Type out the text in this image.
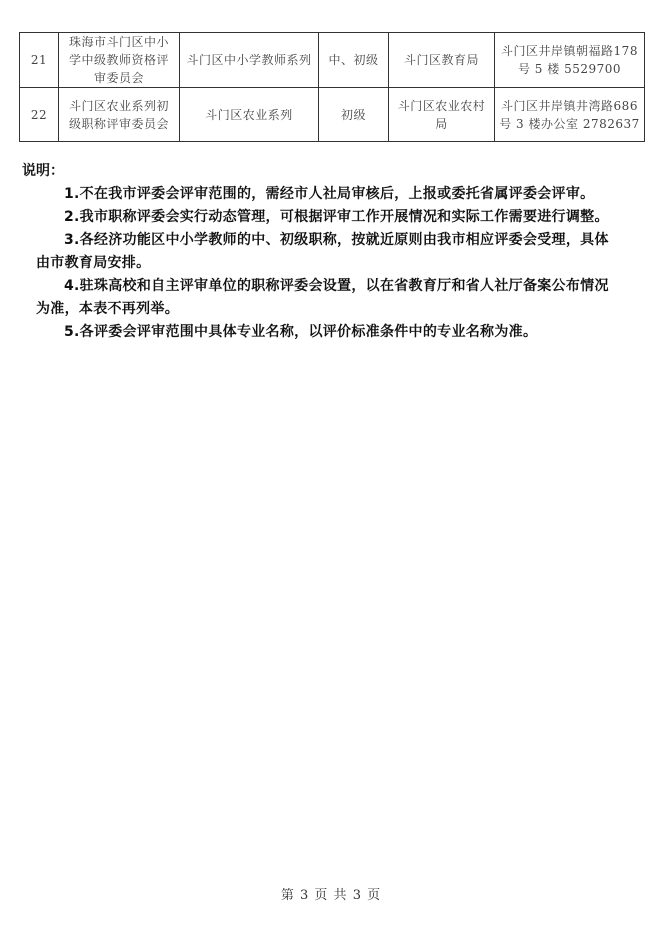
21	珠海市斗门区中小学中级教师资格评审委员会	斗门区中小学教师系列	中、初级	斗门区教育局	斗门区井岸镇朝福路178号 5 楼 5529700
22	斗门区农业系列初级职称评审委员会	斗门区农业系列	初级	斗门区农业农村局	斗门区井岸镇井湾路686号 3 楼办公室 2782637

说明：

1.不在我市评委会评审范围的，需经市人社局审核后，上报或委托省属评委会评审。

2.我市职称评委会实行动态管理，可根据评审工作开展情况和实际工作需要进行调整。

3.各经济功能区中小学教师的中、初级职称，按就近原则由我市相应评委会受理，具体由市教育局安排。

4.驻珠高校和自主评审单位的职称评委会设置，以在省教育厅和省人社厅备案公布情况为准，本表不再列举。

5.各评委会评审范围中具体专业名称，以评价标准条件中的专业名称为准。

第 3 页 共 3 页
